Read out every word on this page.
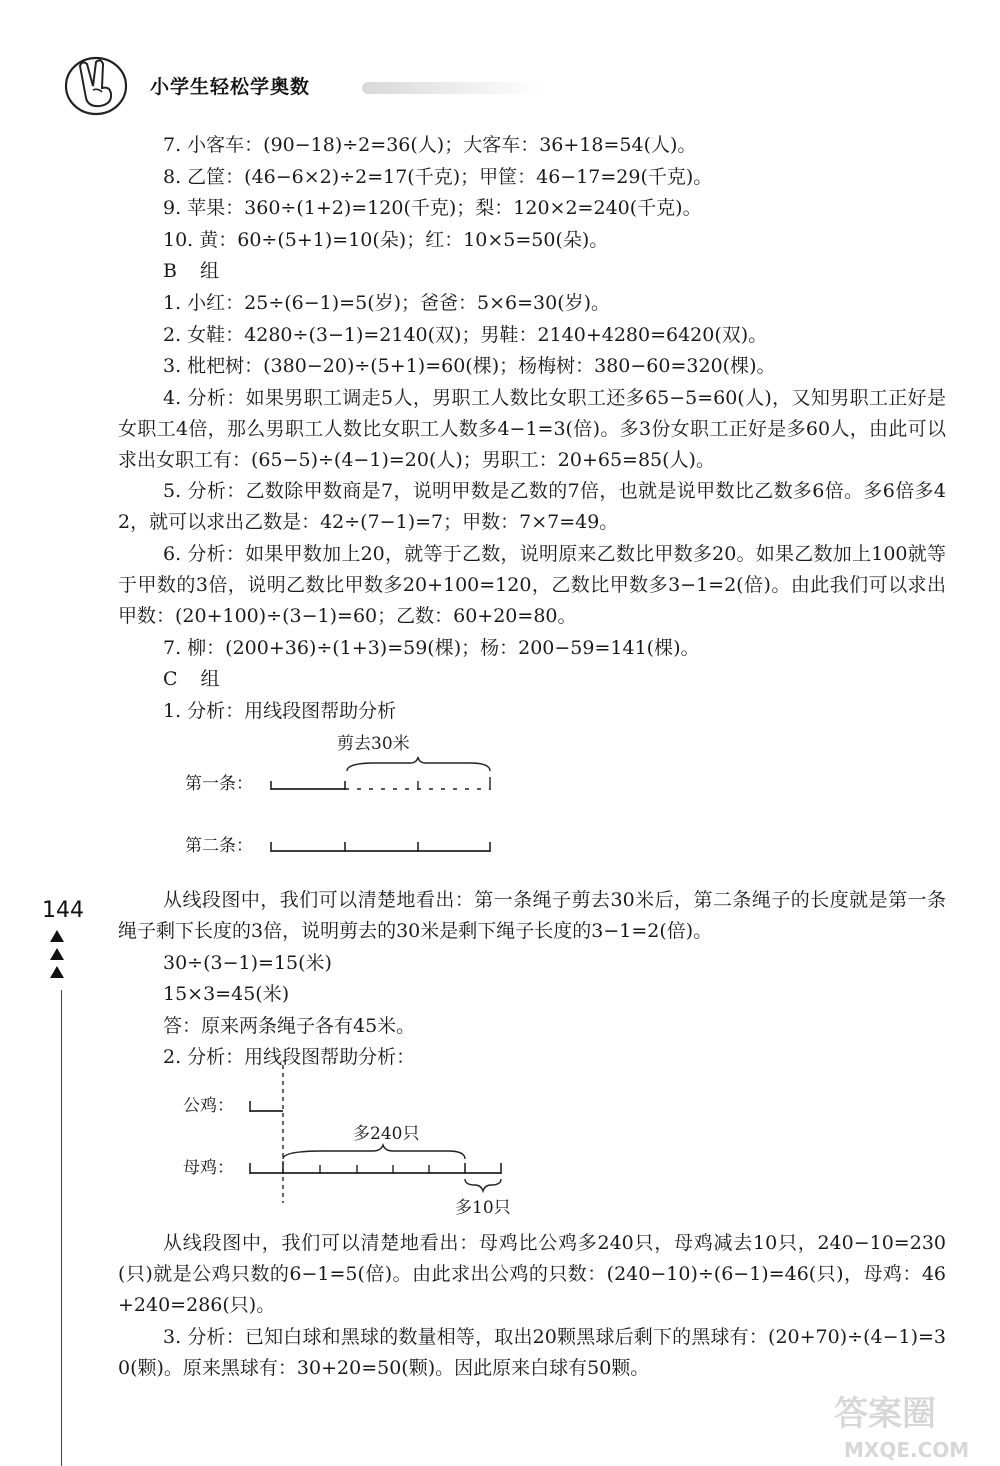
小学生轻松学奥数
7. 小客车：(90−18)÷2=36(人)；大客车：36+18=54(人)。
8. 乙筐：(46−6×2)÷2=17(千克)；甲筐：46−17=29(千克)。
9. 苹果：360÷(1+2)=120(千克)；梨：120×2=240(千克)。
10. 黄：60÷(5+1)=10(朵)；红：10×5=50(朵)。
B　组
1. 小红：25÷(6−1)=5(岁)；爸爸：5×6=30(岁)。
2. 女鞋：4280÷(3−1)=2140(双)；男鞋：2140+4280=6420(双)。
3. 枇杷树：(380−20)÷(5+1)=60(棵)；杨梅树：380−60=320(棵)。
4. 分析：如果男职工调走5人，男职工人数比女职工还多65−5=60(人)，又知男职工正好是女职工4倍，那么男职工人数比女职工人数多4−1=3(倍)。多3份女职工正好是多60人，由此可以求出女职工有：(65−5)÷(4−1)=20(人)；男职工：20+65=85(人)。
5. 分析：乙数除甲数商是7，说明甲数是乙数的7倍，也就是说甲数比乙数多6倍。多6倍多42，就可以求出乙数是：42÷(7−1)=7；甲数：7×7=49。
6. 分析：如果甲数加上20，就等于乙数，说明原来乙数比甲数多20。如果乙数加上100就等于甲数的3倍，说明乙数比甲数多20+100=120，乙数比甲数多3−1=2(倍)。由此我们可以求出甲数：(20+100)÷(3−1)=60；乙数：60+20=80。
7. 柳：(200+36)÷(1+3)=59(棵)；杨：200−59=141(棵)。
C　组
1. 分析：用线段图帮助分析
剪去30米
第一条：
第二条：
从线段图中，我们可以清楚地看出：第一条绳子剪去30米后，第二条绳子的长度就是第一条绳子剩下长度的3倍，说明剪去的30米是剩下绳子长度的3−1=2(倍)。
30÷(3−1)=15(米)
15×3=45(米)
答：原来两条绳子各有45米。
2. 分析：用线段图帮助分析：
公鸡：
多240只
母鸡：
多10只
从线段图中，我们可以清楚地看出：母鸡比公鸡多240只，母鸡减去10只，240−10=230(只)就是公鸡只数的6−1=5(倍)。由此求出公鸡的只数：(240−10)÷(6−1)=46(只)，母鸡：46+240=286(只)。
3. 分析：已知白球和黑球的数量相等，取出20颗黑球后剩下的黑球有：(20+70)÷(4−1)=30(颗)。原来黑球有：30+20=50(颗)。因此原来白球有50颗。
144
答案圈
MXQE.COM
